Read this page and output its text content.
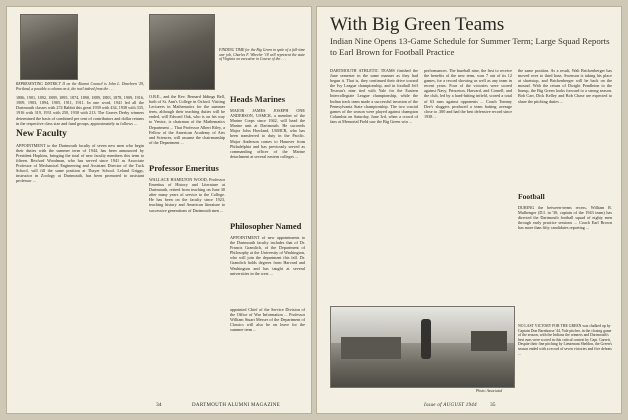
REPRESENTING DISTRICT II on the Alumni Council is John L. Dearborn '29, Portland, a possible a column on it, the trail indeed from the . . .

1886, 1901, 1892, 1889, 1895, 1874, 1890, 1889, 1883, 1878, 1909, 1916, 1909, 1903, 1894, 1905, 1911, 1911. In one word, 1941 led all the Dartmouth classes with 274 Babbit this great 1939 with 434, 1938 with 335, 1916 with 319, 1931 with 250, 1930 with 213. The Graves Derby winners determined the basis of combined per cent of contributors and dollar returns in the respective class size and fund groups, approximately as follows ...

New Faculty

APPOINTMENT to the Dartmouth faculty of seven new men who begin their duties with the summer term of 1944, has been announced by President Hopkins, bringing the total of new faculty members this term to fifteen. Rexford Woodman, who has served since 1941 as Associate Professor of Mechanical Engineering and Assistant Director of the Tuck School, will fill the same position at Thayer School. Leland Griggs, instructor in Zoology at Dartmouth, has been promoted to assistant professor ...

FINDING TIME for the Big Green in spite of a full-time war job, Charles F. Wheeler '18 will represent the state of Virginia on executive in Course of the . . .

O.B.E., and the Rev. Bernard Iddings Bell, both of St. Ann's College in Oxford. Visiting Lecturers in Mathematics for the summer term, although their teaching duties will be ended, will Edward Oak, who is on his way to Venice, is chairman of the Mathematics Department ... That Professor Albert Riley, a Fellow of the American Academy of Arts and Sciences, will assume the chairmanship of the Department ...

Professor Emeritus

WALLACE HAMILTON WOOD, Professor Emeritus of History and Literature at Dartmouth, retired from teaching on June 30 after many years of service to the College. He has been on the faculty since 1923, teaching history and American literature to successive generations of Dartmouth men ...

Heads Marines

MAJOR JAMES JOSEPH ONE ANDERSON, USMCR, a member of the Marine Corps since 1942, will head the Marine unit at Dartmouth. He succeeds Major John Howland, USMCR, who has been transferred to duty in the Pacific. Major Anderson comes to Hanover from Philadelphia and has previously served as commanding officer of the Marine detachment at several eastern colleges ...

Philosopher Named

APPOINTMENT of new appointments to the Dartmouth faculty includes that of Dr. Francis Gramlich, of the Department of Philosophy at the University of Washington, who will join the department this fall. Dr. Gramlich holds degrees from Harvard and Washington and has taught at several universities in the west ...

appointed Chief of the Service Division of the Office of War Information ... Professor William Stuart Messer of the Department of Classics will also be on leave for the summer term ...

34	DARTMOUTH ALUMNI MAGAZINE
With Big Green Teams

Indian Nine Opens 13-Game Schedule for Summer Term; Large Squad Reports to Earl Brown for Football Practice

DARTMOUTH ATHLETIC TEAMS finished the June semester in the same manner as they had begun it. That is, they continued their drive toward the Ivy League championship, and in football Jeff Tesreau's nine tied with Yale for the Eastern Intercollegiate League championship, while the Indian track team made a successful invasion of the Pennsylvania State championship. The two crucial games of the season were played against champion Columbia on Saturday, June 3rd, when a crowd of fans at Memorial Field saw the Big Green win ...

performances. The baseball nine, the first to receive the benefits of the new term, won 7 out of its 12 games, for a record showing as well as any team in recent years. Four of the victories were scored against Navy, Princeton, Harvard, and Cornell; and the club, led by a hard-hitting infield, scored a total of 63 runs against opponents ... Coach Tommy Dee's sluggers produced a team batting average close to .300 and had the best defensive record since 1938 ...

the same position. As a result, Walt Brickenberger has moved over to third base, Swenson is taking his place at shortstop, and Brickenberger will be back on the mound. With the return of Dwight Pendleton to the lineup, the Big Green looks forward to a strong season. Bob Carr, Dick Kelley and Bob Chase are expected to share the pitching duties ...

Football

DURING the between-terms recess, William R. Mulhenger (D.I. in '30, captain of the 1943 team) has directed the Dartmouth football squad of eighty men through early practice sessions ... Coach Earl Brown has more than fifty candidates reporting ...

Photo: Associated
NO LAST VICTORY FOR THE GREEN was chalked up by Captain Don Barnhouse '44, Yale pitcher, in the closing game of the season, with the Indians the winners and Dartmouth's best runs were scored in this critical contest by Capt. Garrett. Despite their fine pitching by Lieutenant Sheldon, the Green's season ended with a record of seven victories and five defeats ...
Issue of AUGUST 1944 35
